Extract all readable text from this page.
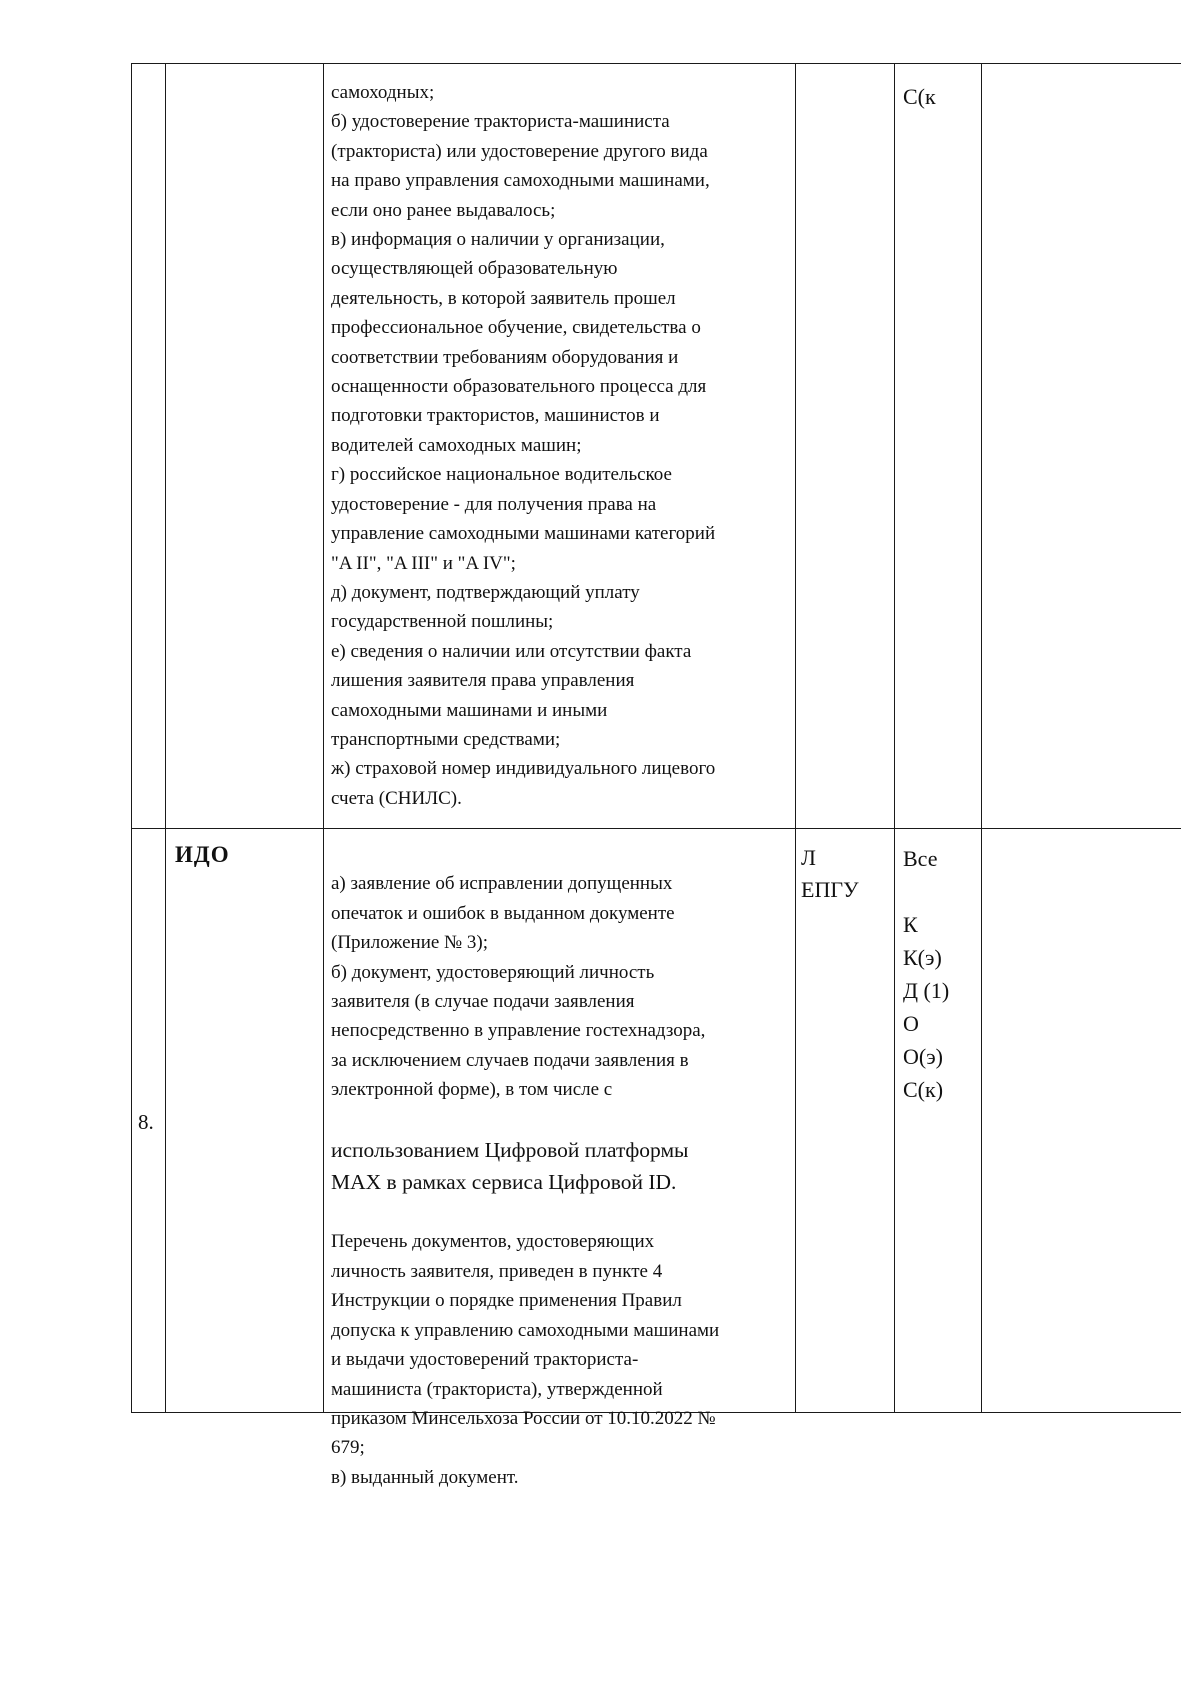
самоходных;
б) удостоверение тракториста-машиниста
(тракториста) или удостоверение другого вида
на право управления самоходными машинами,
если оно ранее выдавалось;
в) информация о наличии у организации,
осуществляющей образовательную
деятельность, в которой заявитель прошел
профессиональное обучение, свидетельства о
соответствии требованиям оборудования и
оснащенности образовательного процесса для
подготовки трактористов, машинистов и
водителей самоходных машин;
г) российское национальное водительское
удостоверение - для получения права на
управление самоходными машинами категорий
"A II", "A III" и "A IV";
д) документ, подтверждающий уплату
государственной пошлины;
е) сведения о наличии или отсутствии факта
лишения заявителя права управления
самоходными машинами и иными
транспортными средствами;
ж) страховой номер индивидуального лицевого
счета (СНИЛС).
С(к
8.
ИДО

а) заявление об исправлении допущенных
опечаток и ошибок в выданном документе
(Приложение № 3);
б) документ, удостоверяющий личность
заявителя (в случае подачи заявления
непосредственно в управление гостехнадзора,
за исключением случаев подачи заявления в
электронной форме), в том числе с

использованием Цифровой платформы
MAX в рамках сервиса Цифровой ID.

Перечень документов, удостоверяющих
личность заявителя, приведен в пункте 4
Инструкции о порядке применения Правил
допуска к управлению самоходными машинами
и выдачи удостоверений тракториста-
машиниста (тракториста), утвержденной
приказом Минсельхоза России от 10.10.2022 №
679;
в) выданный документ.

Л
ЕПГУ
Все

К
К(э)
Д (1)
О
О(э)
С(к)
